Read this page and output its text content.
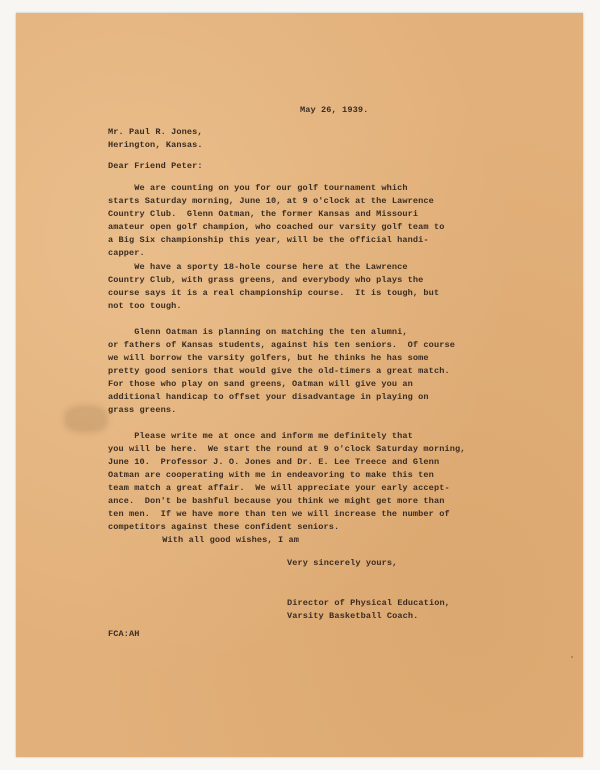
May 26, 1939.

Mr. Paul R. Jones,

Herington, Kansas.

Dear Friend Peter:

We are counting on you for our golf tournament which

starts Saturday morning, June 10, at 9 o'clock at the Lawrence

Country Club.  Glenn Oatman, the former Kansas and Missouri

amateur open golf champion, who coached our varsity golf team to

a Big Six championship this year, will be the official handi-

capper.

We have a sporty 18-hole course here at the Lawrence

Country Club, with grass greens, and everybody who plays the

course says it is a real championship course.  It is tough, but

not too tough.

Glenn Oatman is planning on matching the ten alumni,

or fathers of Kansas students, against his ten seniors.  Of course

we will borrow the varsity golfers, but he thinks he has some

pretty good seniors that would give the old-timers a great match.

For those who play on sand greens, Oatman will give you an

additional handicap to offset your disadvantage in playing on

grass greens.

Please write me at once and inform me definitely that

you will be here.  We start the round at 9 o'clock Saturday morning,

June 10.  Professor J. O. Jones and Dr. E. Lee Treece and Glenn

Oatman are cooperating with me in endeavoring to make this ten

team match a great affair.  We will appreciate your early accept-

ance.  Don't be bashful because you think we might get more than

ten men.  If we have more than ten we will increase the number of

competitors against these confident seniors.

With all good wishes, I am

Very sincerely yours,

Director of Physical Education,

Varsity Basketball Coach.

FCA:AH
